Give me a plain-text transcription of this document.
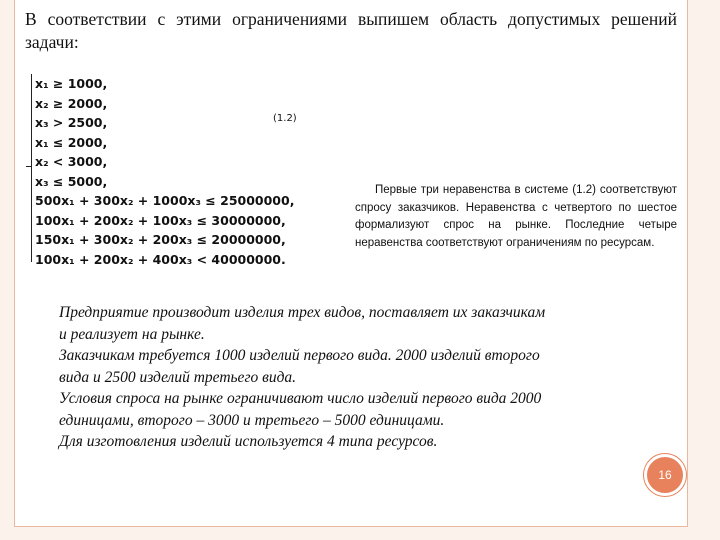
В соответствии с этими ограничениями выпишем область допустимых решений задачи:

x₁ ≥ 1000,
x₂ ≥ 2000,
x₃ > 2500,
x₁ ≤ 2000,
x₂ < 3000,
x₃ ≤ 5000,
500x₁ + 300x₂ + 1000x₃ ≤ 25000000,
100x₁ + 200x₂ + 100x₃ ≤ 30000000,
150x₁ + 300x₂ + 200x₃ ≤ 20000000,
100x₁ + 200x₂ + 400x₃ < 40000000.
(1.2)

Первые три неравенства в системе (1.2) соответствуют спросу заказчиков. Неравенства с четвертого по шестое формализуют спрос на рынке. Последние четыре неравенства соответствуют ограничениям по ресурсам.

Предприятие производит изделия трех видов, поставляет их заказчикам
и реализует на рынке.
Заказчикам требуется 1000 изделий первого вида. 2000 изделий второго
вида и 2500 изделий третьего вида.
Условия спроса на рынке ограничивают число изделий первого вида 2000
единицами, второго – 3000 и третьего – 5000 единицами.
Для изготовления изделий используется 4 типа ресурсов.
16
